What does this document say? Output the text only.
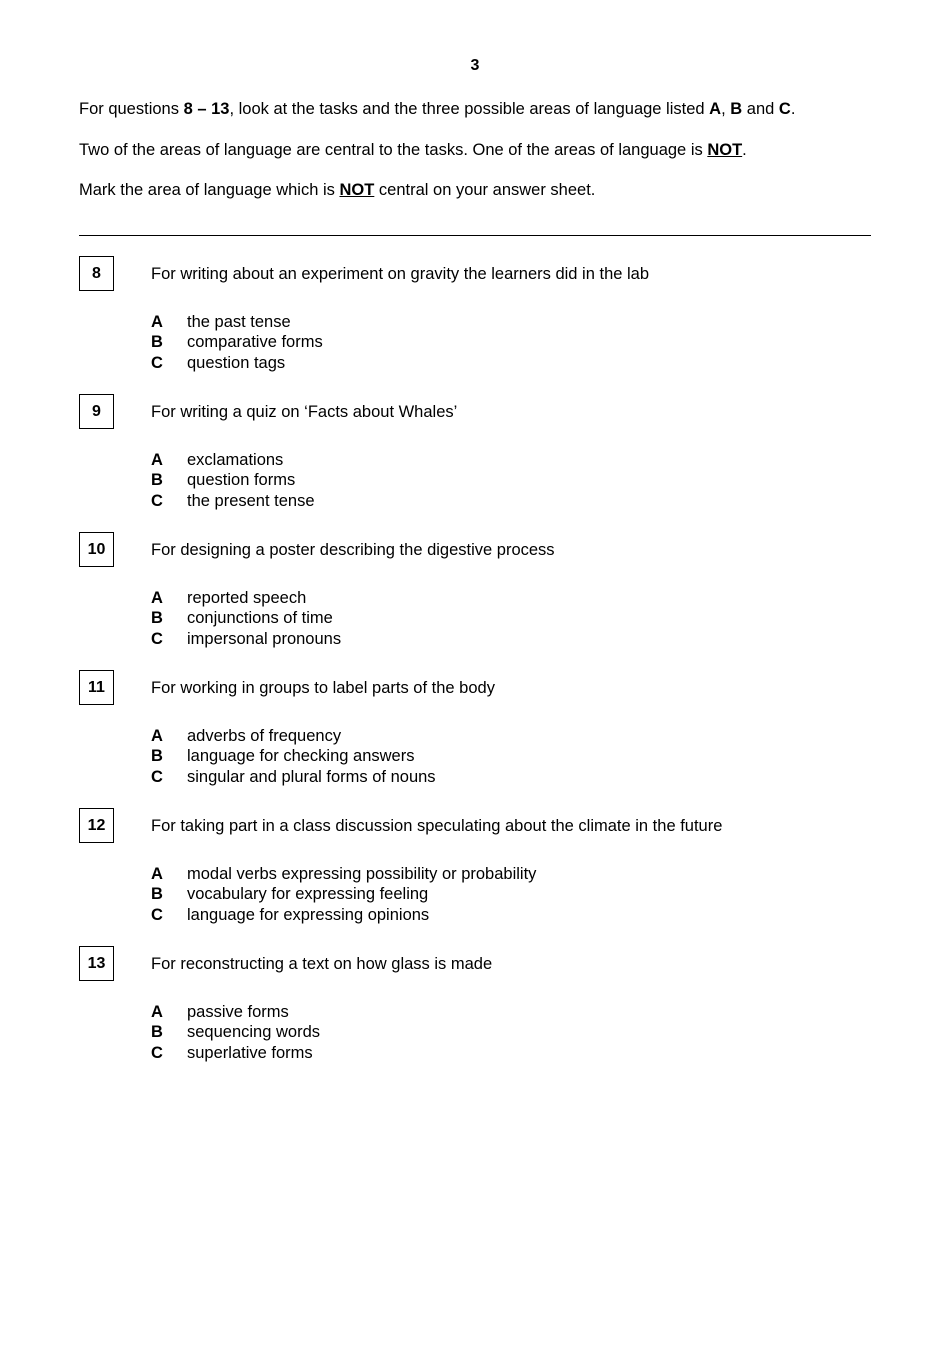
3
For questions 8 – 13, look at the tasks and the three possible areas of language listed A, B and C.
Two of the areas of language are central to the tasks. One of the areas of language is NOT.
Mark the area of language which is NOT central on your answer sheet.
8	For writing about an experiment on gravity the learners did in the lab
A the past tense
B comparative forms
C question tags
9	For writing a quiz on ‘Facts about Whales’
A exclamations
B question forms
C the present tense
10	For designing a poster describing the digestive process
A reported speech
B conjunctions of time
C impersonal pronouns
11	For working in groups to label parts of the body
A adverbs of frequency
B language for checking answers
C singular and plural forms of nouns
12	For taking part in a class discussion speculating about the climate in the future
A modal verbs expressing possibility or probability
B vocabulary for expressing feeling
C language for expressing opinions
13	For reconstructing a text on how glass is made
A passive forms
B sequencing words
C superlative forms
